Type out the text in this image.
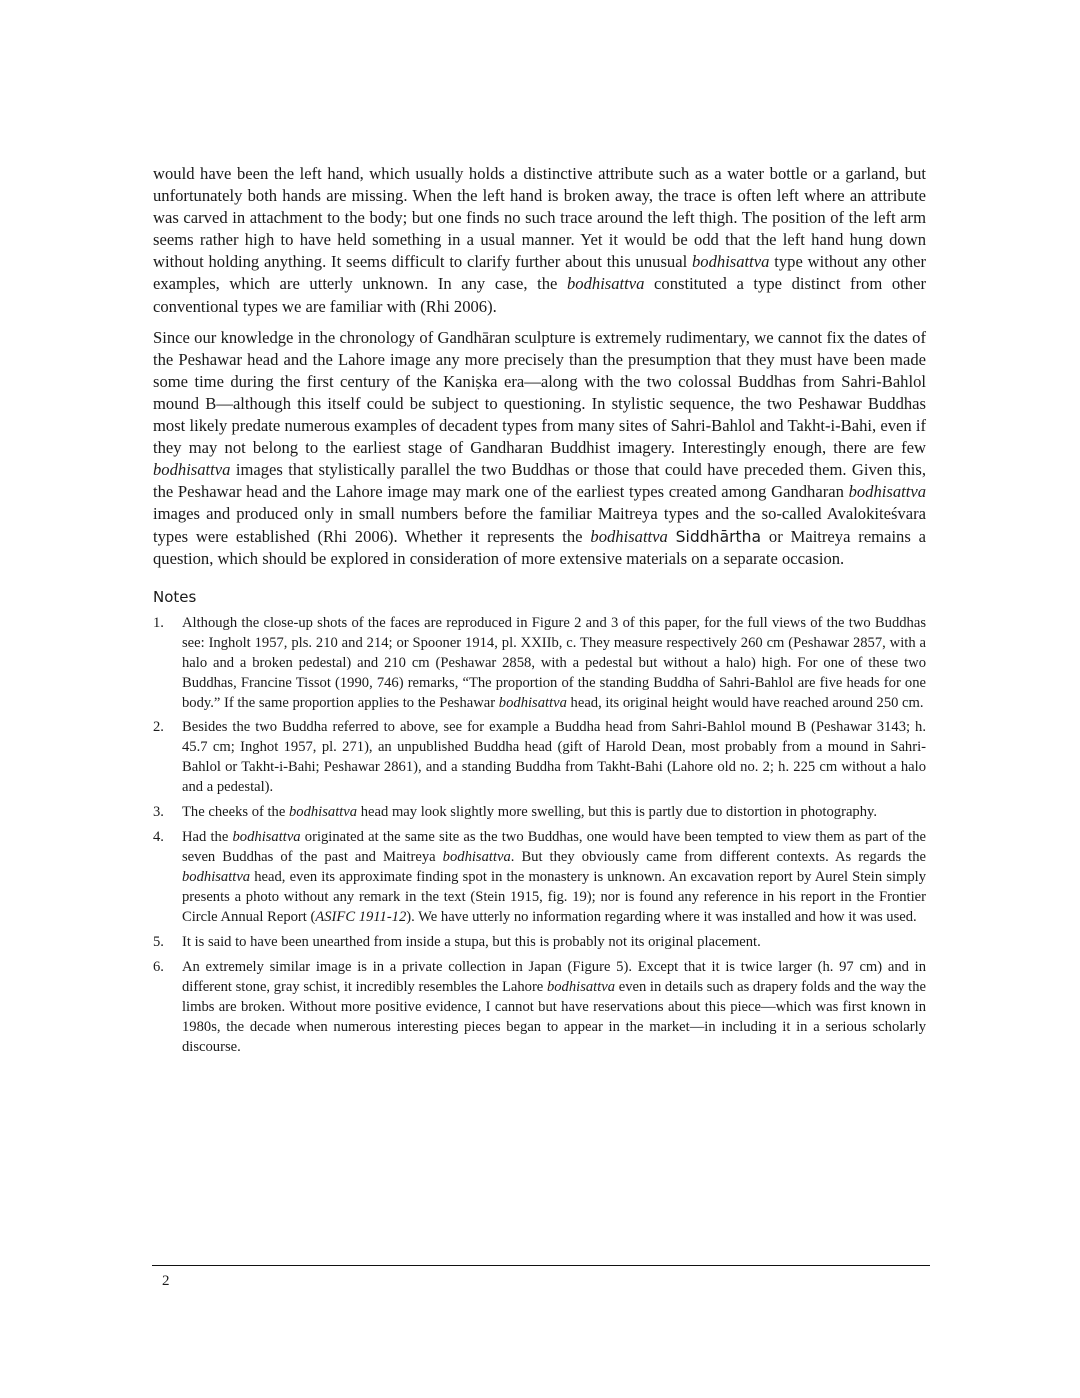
would have been the left hand, which usually holds a distinctive attribute such as a water bottle or a garland, but unfortunately both hands are missing. When the left hand is broken away, the trace is often left where an attribute was carved in attachment to the body; but one finds no such trace around the left thigh. The position of the left arm seems rather high to have held something in a usual manner. Yet it would be odd that the left hand hung down without holding anything. It seems difficult to clarify further about this unusual bodhisattva type without any other examples, which are utterly unknown. In any case, the bodhisattva constituted a type distinct from other conventional types we are familiar with (Rhi 2006).

Since our knowledge in the chronology of Gandhāran sculpture is extremely rudimentary, we cannot fix the dates of the Peshawar head and the Lahore image any more precisely than the presumption that they must have been made some time during the first century of the Kaniṣka era—along with the two colossal Buddhas from Sahri-Bahlol mound B—although this itself could be subject to questioning. In stylistic sequence, the two Peshawar Buddhas most likely predate numerous examples of decadent types from many sites of Sahri-Bahlol and Takht-i-Bahi, even if they may not belong to the earliest stage of Gandharan Buddhist imagery. Interestingly enough, there are few bodhisattva images that stylistically parallel the two Buddhas or those that could have preceded them. Given this, the Peshawar head and the Lahore image may mark one of the earliest types created among Gandharan bodhisattva images and produced only in small numbers before the familiar Maitreya types and the so-called Avalokiteśvara types were established (Rhi 2006). Whether it represents the bodhisattva Siddhārtha or Maitreya remains a question, which should be explored in consideration of more extensive materials on a separate occasion.

Notes
1. Although the close-up shots of the faces are reproduced in Figure 2 and 3 of this paper, for the full views of the two Buddhas see: Ingholt 1957, pls. 210 and 214; or Spooner 1914, pl. XXIIb, c. They measure respectively 260 cm (Peshawar 2857, with a halo and a broken pedestal) and 210 cm (Peshawar 2858, with a pedestal but without a halo) high. For one of these two Buddhas, Francine Tissot (1990, 746) remarks, “The proportion of the standing Buddha of Sahri-Bahlol are five heads for one body.” If the same proportion applies to the Peshawar bodhisattva head, its original height would have reached around 250 cm.
2. Besides the two Buddha referred to above, see for example a Buddha head from Sahri-Bahlol mound B (Peshawar 3143; h. 45.7 cm; Inghot 1957, pl. 271), an unpublished Buddha head (gift of Harold Dean, most probably from a mound in Sahri-Bahlol or Takht-i-Bahi; Peshawar 2861), and a standing Buddha from Takht-Bahi (Lahore old no. 2; h. 225 cm without a halo and a pedestal).
3. The cheeks of the bodhisattva head may look slightly more swelling, but this is partly due to distortion in photography.
4. Had the bodhisattva originated at the same site as the two Buddhas, one would have been tempted to view them as part of the seven Buddhas of the past and Maitreya bodhisattva. But they obviously came from different contexts. As regards the bodhisattva head, even its approximate finding spot in the monastery is unknown. An excavation report by Aurel Stein simply presents a photo without any remark in the text (Stein 1915, fig. 19); nor is found any reference in his report in the Frontier Circle Annual Report (ASIFC 1911-12). We have utterly no information regarding where it was installed and how it was used.
5. It is said to have been unearthed from inside a stupa, but this is probably not its original placement.
6. An extremely similar image is in a private collection in Japan (Figure 5). Except that it is twice larger (h. 97 cm) and in different stone, gray schist, it incredibly resembles the Lahore bodhisattva even in details such as drapery folds and the way the limbs are broken. Without more positive evidence, I cannot but have reservations about this piece—which was first known in 1980s, the decade when numerous interesting pieces began to appear in the market—in including it in a serious scholarly discourse.
2
